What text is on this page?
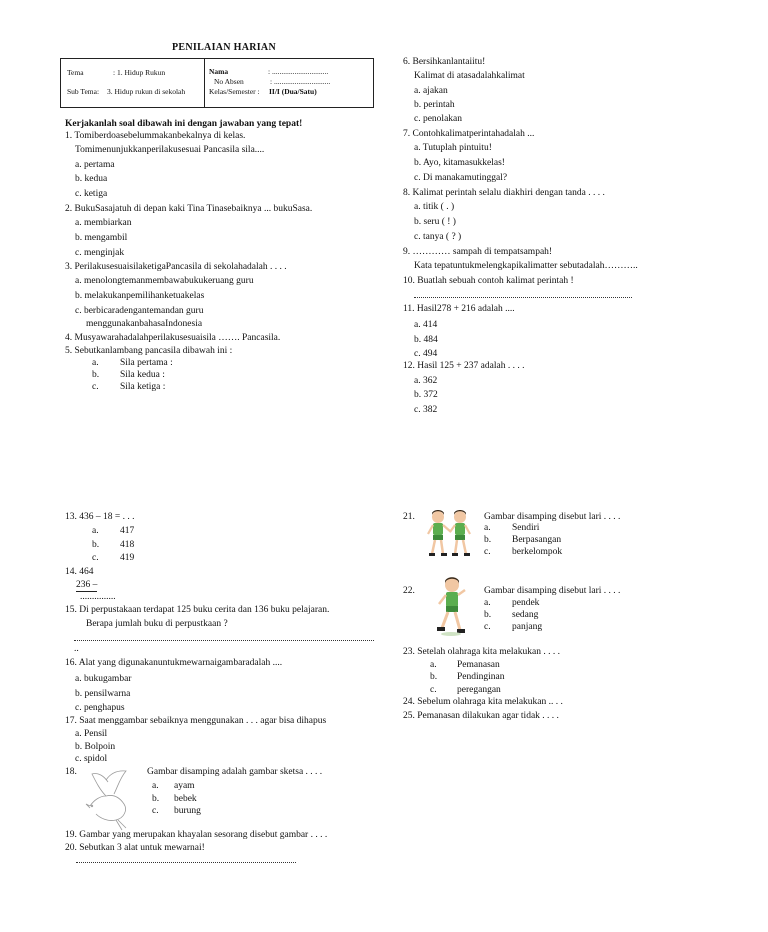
PENILAIAN HARIAN
Tema	: 1. Hidup Rukun
Sub Tema: 3. Hidup rukun di sekolah
Nama	: ..............................
No Absen	: ..............................
Kelas/Semester : II/I (Dua/Satu)
Kerjakanlah soal dibawah ini dengan jawaban yang tepat!
1. Tomiberdoasebelummakanbekalnya di kelas.
Tomimenunjukkanperilakusesuai Pancasila sila....
a. pertama
b. kedua
c. ketiga
2. BukuSasajatuh di depan kaki Tina Tinasebaiknya ... bukuSasa.
a. membiarkan
b. mengambil
c. menginjak
3. PerilakusesuaisilaketigaPancasila di sekolahadalah . . . .
a. menolongtemanmembawabukukeruang guru
b. melakukanpemilihanketuakelas
c. berbicaradengantemandan guru
menggunakanbahasaIndonesia
4. Musyawarahadalahperilakusesuaisila ……. Pancasila.
5. Sebutkanlambang pancasila dibawah ini :
a. Sila pertama :
b. Sila kedua :
c. Sila ketiga :
6. Bersihkanlantaiitu!
Kalimat di atasadalahkalimat
a. ajakan
b. perintah
c. penolakan
7. Contohkalimatperintahadalah ...
a. Tutuplah pintuitu!
b. Ayo, kitamasukkelas!
c. Di manakamutinggal?
8. Kalimat perintah selalu diakhiri dengan tanda . . . .
a. titik ( . )
b. seru ( ! )
c. tanya ( ? )
9. ………… sampah di tempatsampah!
Kata tepatuntukmelengkapikalimatter sebutadalah………..
10. Buatlah sebuah contoh kalimat perintah !
11. Hasil278 + 216 adalah ....
a. 414
b. 484
c. 494
12. Hasil 125 + 237 adalah . . . .
a. 362
b. 372
c. 382
13. 436 – 18 = . . .
a. 417
b. 418
c. 419
14. 464
236 –
...............
15. Di perpustakaan terdapat 125 buku cerita dan 136 buku pelajaran.
Berapa jumlah buku di perpustkaan ?
..
16. Alat yang digunakanuntukmewarnaigambaradalah ....
a. bukugambar
b. pensilwarna
c. penghapus
17. Saat menggambar sebaiknya menggunakan . . . agar bisa dihapus
a. Pensil
b. Bolpoin
c. spidol
18.	Gambar disamping adalah gambar sketsa . . . .
a. ayam
b. bebek
c. burung
19. Gambar yang merupakan khayalan sesorang disebut gambar . . . .
20. Sebutkan 3 alat untuk mewarnai!
21.	Gambar disamping disebut lari . . . .
a. Sendiri
b. Berpasangan
c. berkelompok
22.	Gambar disamping disebut lari . . . .
a. pendek
b. sedang
c. panjang
23. Setelah olahraga kita melakukan . . . .
a. Pemanasan
b. Pendinginan
c. peregangan
24. Sebelum olahraga kita melakukan .. . .
25. Pemanasan dilakukan agar tidak . . . .
